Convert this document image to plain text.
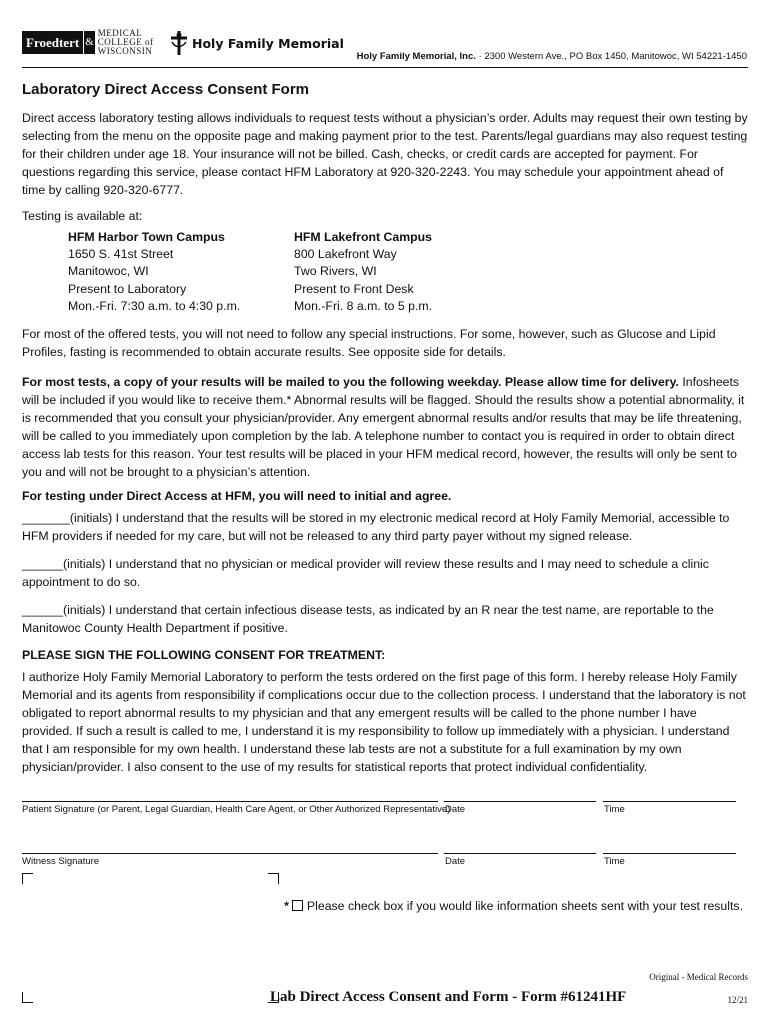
Froedtert &
MEDICAL
COLLEGE of
WISCONSIN	Holy Family Memorial
Holy Family Memorial, Inc. · 2300 Western Ave., PO Box 1450, Manitowoc, WI 54221-1450
Laboratory Direct Access Consent Form
Direct access laboratory testing allows individuals to request tests without a physician’s order. Adults may request their own testing by selecting from the menu on the opposite page and making payment prior to the test. Parents/legal guardians may also request testing for their children under age 18. Your insurance will not be billed. Cash, checks, or credit cards are accepted for payment. For questions regarding this service, please contact HFM Laboratory at 920-320-2243. You may schedule your appointment ahead of time by calling 920-320-6777.
Testing is available at:
HFM Harbor Town Campus
1650 S. 41st Street
Manitowoc, WI
Present to Laboratory
Mon.-Fri. 7:30 a.m. to 4:30 p.m.
HFM Lakefront Campus
800 Lakefront Way
Two Rivers, WI
Present to Front Desk
Mon.-Fri. 8 a.m. to 5 p.m.
For most of the offered tests, you will not need to follow any special instructions. For some, however, such as Glucose and Lipid Profiles, fasting is recommended to obtain accurate results. See opposite side for details.
For most tests, a copy of your results will be mailed to you the following weekday. Please allow time for delivery. Infosheets will be included if you would like to receive them.* Abnormal results will be flagged. Should the results show a potential abnormality, it is recommended that you consult your physician/provider. Any emergent abnormal results and/or results that may be life threatening, will be called to you immediately upon completion by the lab. A telephone number to contact you is required in order to obtain direct access lab tests for this reason. Your test results will be placed in your HFM medical record, however, the results will only be sent to you and will not be brought to a physician’s attention.
For testing under Direct Access at HFM, you will need to initial and agree.
_______(initials) I understand that the results will be stored in my electronic medical record at Holy Family Memorial, accessible to HFM providers if needed for my care, but will not be released to any third party payer without my signed release.
______(initials) I understand that no physician or medical provider will review these results and I may need to schedule a clinic appointment to do so.
______(initials) I understand that certain infectious disease tests, as indicated by an R near the test name, are reportable to the Manitowoc County Health Department if positive.
PLEASE SIGN THE FOLLOWING CONSENT FOR TREATMENT:
I authorize Holy Family Memorial Laboratory to perform the tests ordered on the first page of this form. I hereby release Holy Family Memorial and its agents from responsibility if complications occur due to the collection process. I understand that the laboratory is not obligated to report abnormal results to my physician and that any emergent results will be called to the phone number I have provided. If such a result is called to me, I understand it is my responsibility to follow up immediately with a physician. I understand that I am responsible for my own health. I understand these lab tests are not a substitute for a full examination by my own physician/provider. I also consent to the use of my results for statistical reports that protect individual confidentiality.
Patient Signature (or Parent, Legal Guardian, Health Care Agent, or Other Authorized Representative)
Date	Time
Witness Signature	Date	Time
* Please check box if you would like information sheets sent with your test results.
Original - Medical Records
Lab Direct Access Consent and Form - Form #61241HF	12/21
